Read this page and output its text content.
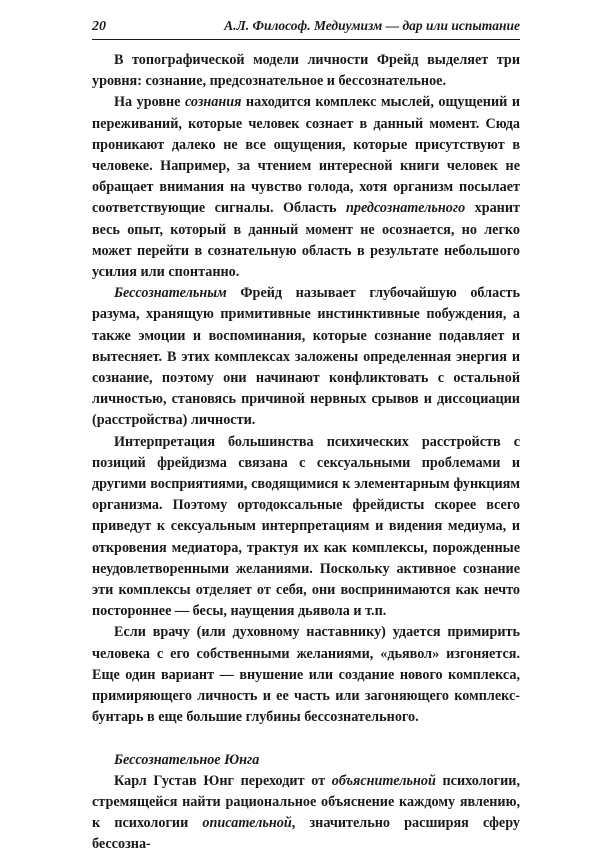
20	А.Л. Философ. Медиумизм — дар или испытание

В топографической модели личности Фрейд выделяет три уровня: сознание, предсознательное и бессознательное.

На уровне сознания находится комплекс мыслей, ощущений и переживаний, которые человек сознает в данный момент. Сюда проникают далеко не все ощущения, которые присутствуют в человеке. Например, за чтением интересной книги человек не обращает внимания на чувство голода, хотя организм посылает соответствующие сигналы. Область предсознательного хранит весь опыт, который в данный момент не осознается, но легко может перейти в сознательную область в результате небольшого усилия или спонтанно.

Бессознательным Фрейд называет глубочайшую область разума, хранящую примитивные инстинктивные побуждения, а также эмоции и воспоминания, которые сознание подавляет и вытесняет. В этих комплексах заложены определенная энергия и сознание, поэтому они начинают конфликтовать с остальной личностью, становясь причиной нервных срывов и диссоциации (расстройства) личности.

Интерпретация большинства психических расстройств с позиций фрейдизма связана с сексуальными проблемами и другими восприятиями, сводящимися к элементарным функциям организма. Поэтому ортодоксальные фрейдисты скорее всего приведут к сексуальным интерпретациям и видения медиума, и откровения медиатора, трактуя их как комплексы, порожденные неудовлетворенными желаниями. Поскольку активное сознание эти комплексы отделяет от себя, они воспринимаются как нечто постороннее — бесы, наущения дьявола и т.п.

Если врачу (или духовному наставнику) удается примирить человека с его собственными желаниями, «дьявол» изгоняется. Еще один вариант — внушение или создание нового комплекса, примиряющего личность и ее часть или загоняющего комплекс-бунтарь в еще большие глубины бессознательного.

Бессознательное Юнга

Карл Густав Юнг переходит от объяснительной психологии, стремящейся найти рациональное объяснение каждому явлению, к психологии описательной, значительно расширяя сферу бессозна-
